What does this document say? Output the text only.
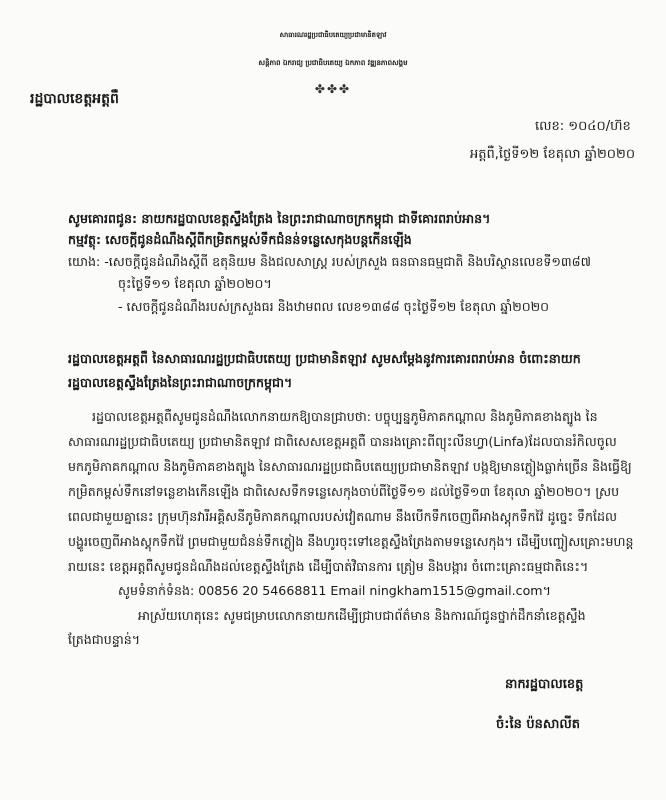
សាធារណរដ្ឋប្រជាធិបតេយ្យប្រជាមានិតឡាវ
សន្តិភាព ឯករាជ្យ ប្រជាធិបតេយ្យ ឯកភាព វឌ្ឍនភាពសង្គម
✤✤✤
រដ្ឋបាលខេត្តអត្តពឺ
លេខ: ១០៤០/ហ៊ខ
អត្តពឺ,ថ្ងៃទី១២ ខែតុលា ឆ្នាំ២០២០
សូមគោរពជូន: នាយករដ្ឋបាលខេត្តស្ទឹងត្រែង នៃព្រះរាជាណាចក្រកម្ពុជា ជាទីគោរពរាប់អាន។
កម្មវត្ថុ: សេចក្តីជូនដំណឹងស្តីពីកម្រិតកម្ពស់ទឹកជំនន់ទន្លេសេកុងបន្តកើនឡើង
យោង: -សេចក្តីជូនដំណឹងស្តីពី ឧតុនិយម និងជលសាស្ត្រ របស់ក្រសួង ធនធានធម្មជាតិ និងបរិស្ថានលេខទី១៣៨៧
ចុះថ្ងៃទី១១ ខែតុលា ឆ្នាំ២០២០។
- សេចក្តីជូនដំណឹងរបស់ក្រសួងធរ និងឋាមពល លេខ១៣៨៨ ចុះថ្ងៃទី១២ ខែតុលា ឆ្នាំ២០២០
រដ្ឋបាលខេត្តអត្តពឺ នៃសាធារណរដ្ឋប្រជាធិបតេយ្យ ប្រជាមានិតឡាវ សូមសម្តែងនូវការគោរពរាប់អាន ចំពោះនាយក
រដ្ឋបាលខេត្តស្ទឹងត្រែងនៃព្រះរាជាណាចក្រកម្ពុជា។
រដ្ឋបាលខេត្តអត្តពឺសូមជូនដំណឹងលោកនាយកឱ្យបានជ្រាបថា: បច្ចុប្បន្នភូមិភាគកណ្តាល និងភូមិភាគខាងត្បូង នៃ
សាធារណរដ្ឋប្រជាធិបតេយ្យ ប្រជាមានិតឡាវ ជាពិសេសខេត្តអត្តពឺ បានរងគ្រោះពីព្យុះលីនហ្វា(Linfa)ដែលបានរំកិលចូល
មកភូមិភាគកណ្តាល និងភូមិភាគខាងត្បូង នៃសាធារណរដ្ឋប្រជាធិបតេយ្យប្រជាមានិតឡាវ បង្កឱ្យមានភ្លៀងធ្លាក់ច្រើន និងធ្វើឱ្យ
កម្រិតកម្ពស់ទឹកនៅទន្លេខាងកើនឡើង ជាពិសេសទឹកទន្លេសេកុងចាប់ពីថ្ងៃទី១១ ដល់ថ្ងៃទី១៣ ខែតុលា ឆ្នាំ២០២០។ ស្រប
ពេលជាមួយគ្នានេះ ក្រុមហ៊ុនវារីអគ្គិសនីភូមិភាគកណ្តាលរបស់វៀតណាម នឹងបើកទឹកចេញពីអាងស្តុកទឹកវ៉ៃ ដូច្នេះ ទឹកដែល
បង្ហូរចេញពីអាងស្តុកទឹកវ៉ៃ ព្រមជាមួយជំនន់ទឹកភ្លៀង នឹងហូរចុះទៅខេត្តស្ទឹងត្រែងតាមទន្លេសេកុង។ ដើម្បីបញ្ចៀសគ្រោះមហន្ត
រាយនេះ ខេត្តអត្តពឺសូមជូនដំណឹងដល់ខេត្តស្ទឹងត្រែង ដើម្បីបាត់វិធានការ ត្រៀម និងបង្ការ ចំពោះគ្រោះធម្មជាតិនេះ។
សូមទំនាក់ទំនង: 00856 20 54668811 Email ningkham1515@gmail.com។
អាស្រ័យហេតុនេះ សូមជម្រាបលោកនាយកដើម្បីជ្រាបជាព័ត៌មាន និងការណ៍ជូនថ្នាក់ដឹកនាំខេត្តស្ទឹង
ត្រែងជាបន្ទាន់។
នាករដ្ឋបាលខេត្ត
ចំ:នៃ ប៉នសាលីត
